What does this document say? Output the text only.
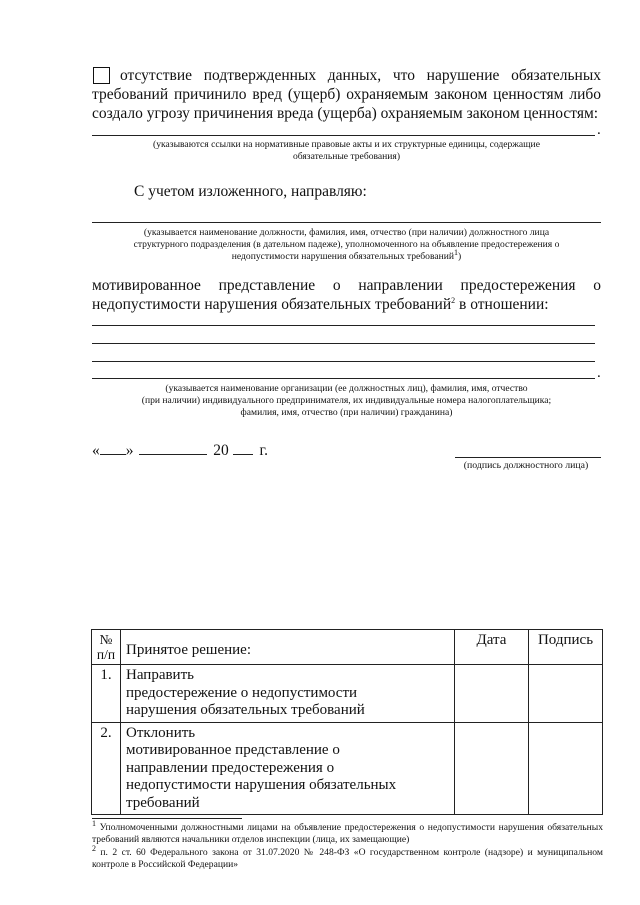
отсутствие подтвержденных данных, что нарушение обязательных
требований причинило вред (ущерб) охраняемым законом ценностям либо
создало угрозу причинения вреда (ущерба) охраняемым законом ценностям:
.
(указываются ссылки на нормативные правовые акты и их структурные единицы, содержащие
обязательные требования)
С учетом изложенного, направляю:
(указывается наименование должности, фамилия, имя, отчество (при наличии) должностного лица
структурного подразделения (в дательном падеже), уполномоченного на объявление предостережения о
недопустимости нарушения обязательных требований$^1$)
мотивированное представление о направлении предостережения о
недопустимости нарушения обязательных требований$^2$ в отношении:
.
(указывается наименование организации (ее должностных лиц), фамилия, имя, отчество
(при наличии) индивидуального предпринимателя, их индивидуальные номера налогоплательщика;
фамилия, имя, отчество (при наличии) гражданина)
« »	20 г.
(подпись должностного лица)
№ п/п	Принятое решение:	Дата	Подпись
1.	Направить
предостережение о недопустимости
нарушения обязательных требований		

2.	Отклонить
мотивированное представление о
направлении предостережения о
недопустимости нарушения обязательных
требований		

$^1$ Уполномоченными должностными лицами на объявление предостережения о недопустимости нарушения обязательных требований являются начальники отделов инспекции (лица, их замещающие)
$^2$ п. 2 ст. 60 Федерального закона от 31.07.2020 № 248-ФЗ «О государственном контроле (надзоре) и муниципальном контроле в Российской Федерации»
